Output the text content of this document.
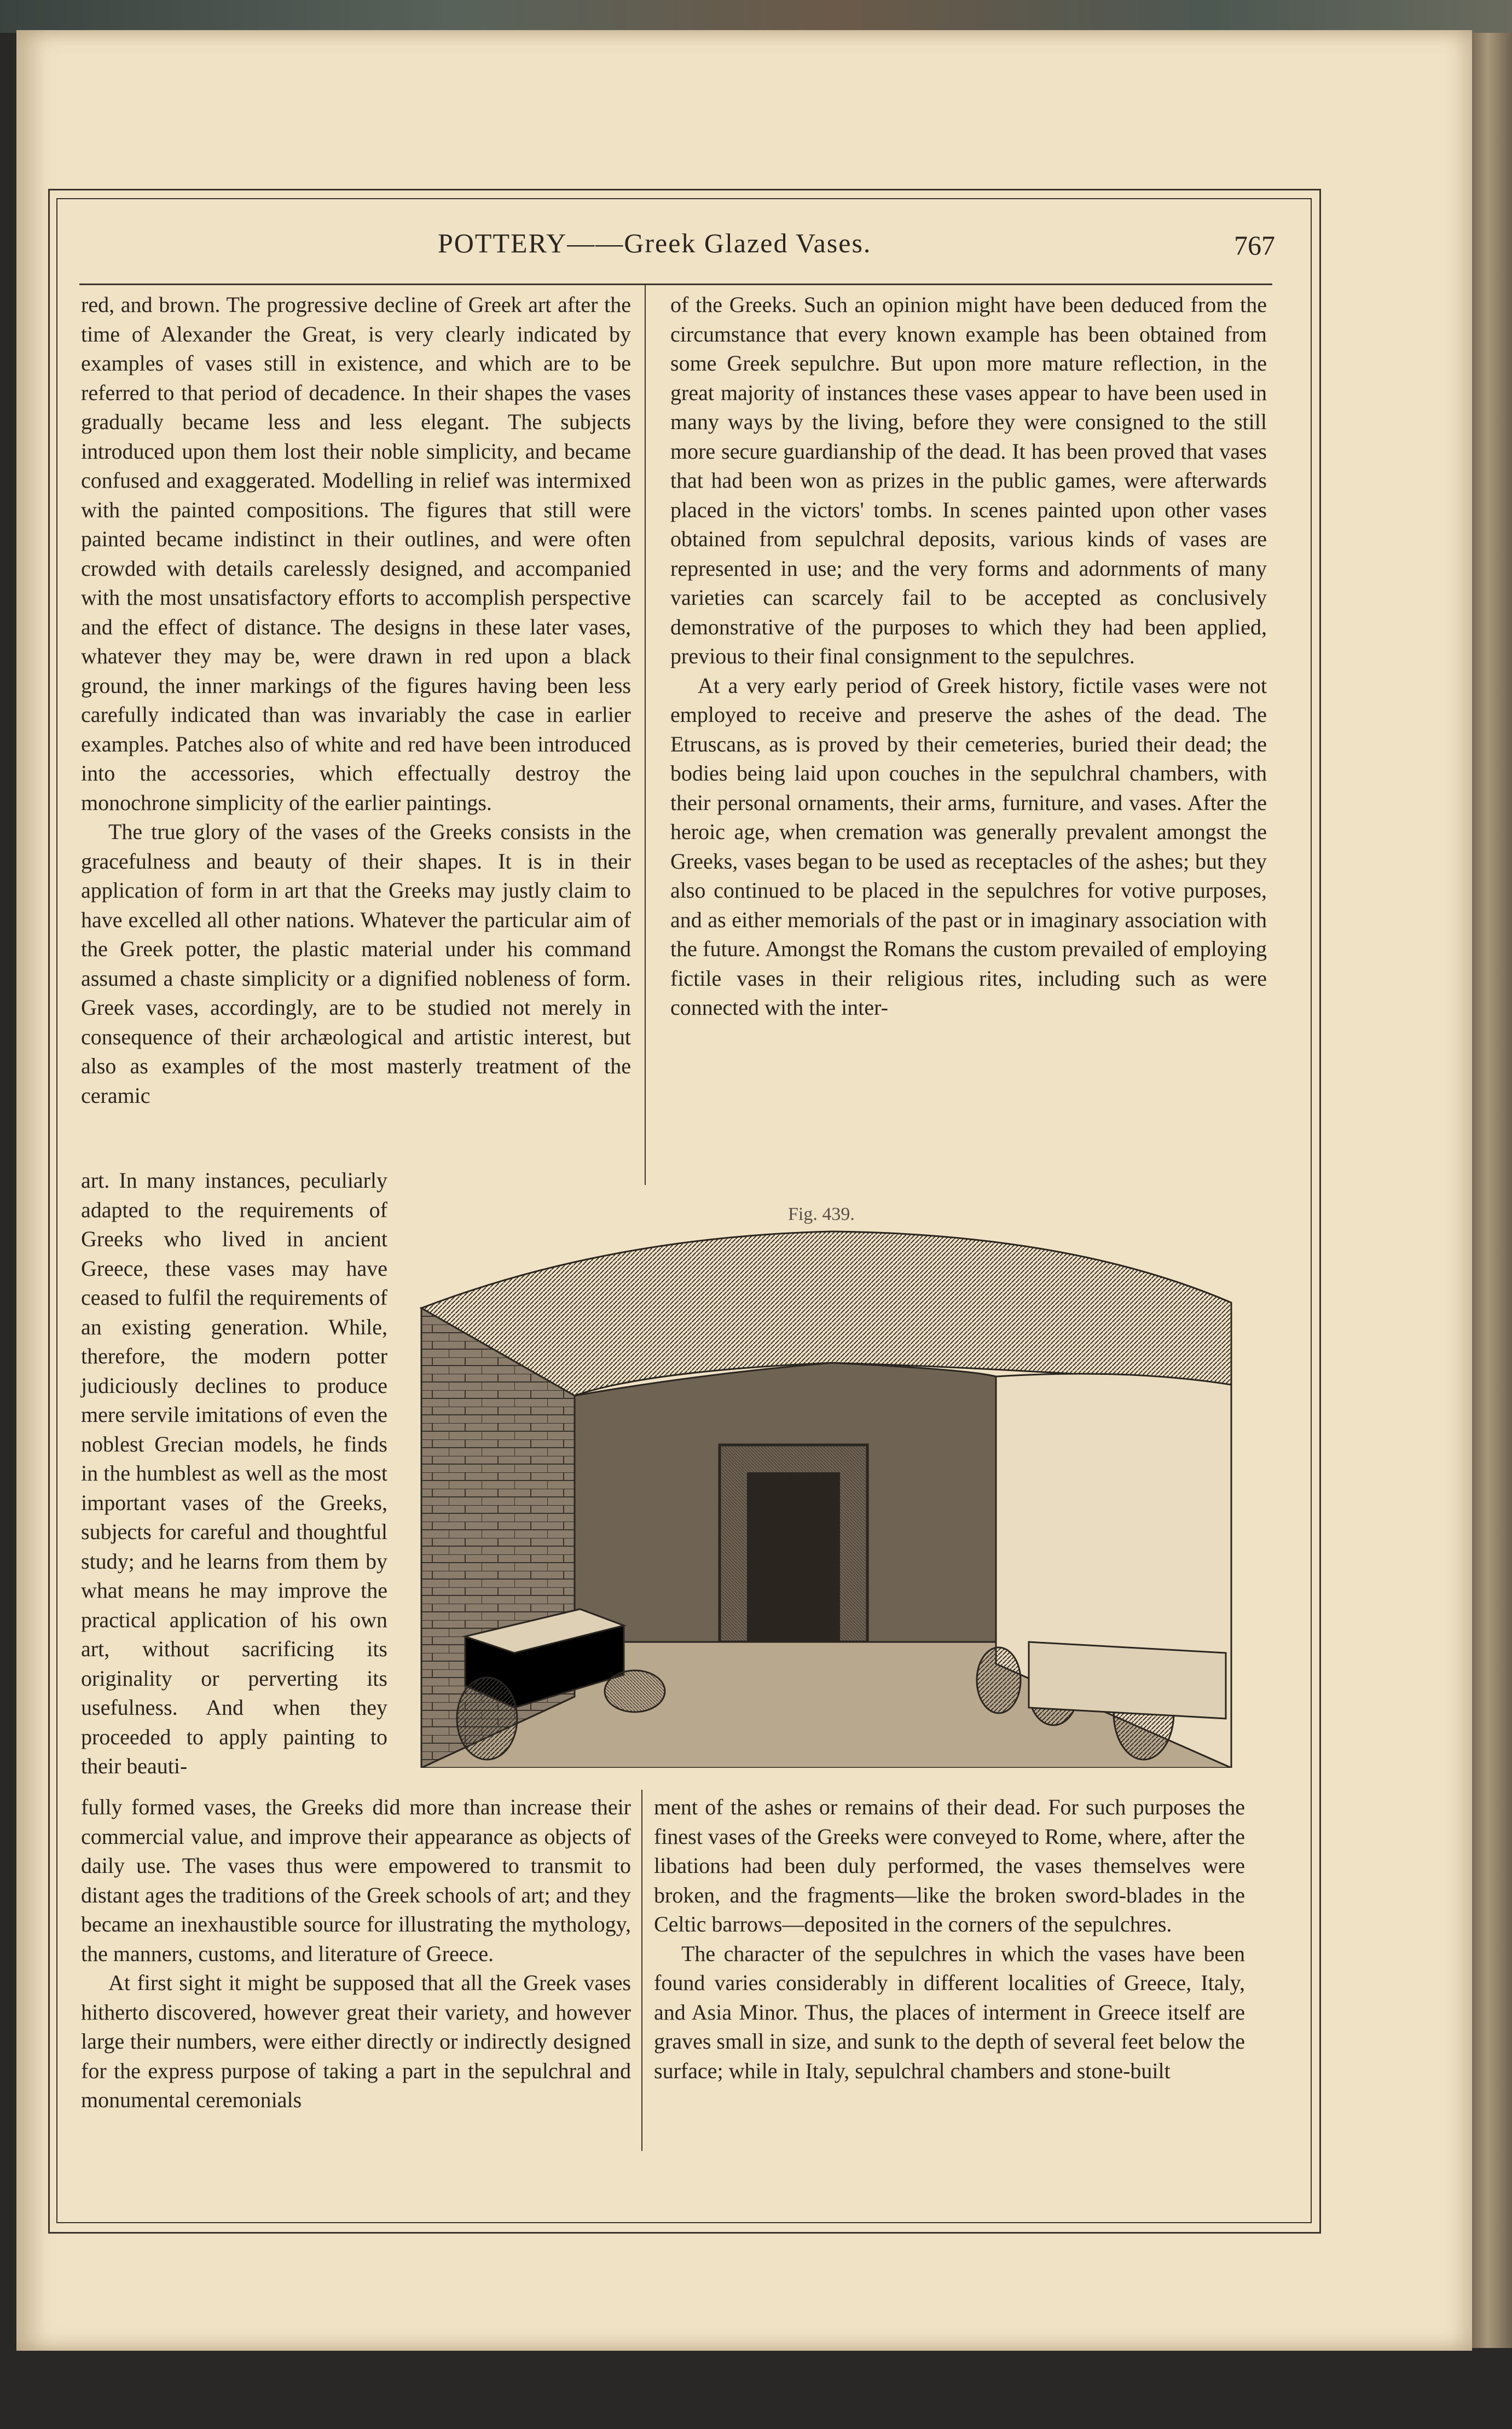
POTTERY——Greek Glazed Vases.	767

red, and brown. The progressive decline of Greek art after the time of Alexander the Great, is very clearly indicated by examples of vases still in existence, and which are to be referred to that period of decadence. In their shapes the vases gradually became less and less elegant. The subjects introduced upon them lost their noble simplicity, and became confused and exaggerated. Modelling in relief was intermixed with the painted compositions. The figures that still were painted became indistinct in their outlines, and were often crowded with details carelessly designed, and accompanied with the most unsatisfactory efforts to accomplish perspective and the effect of distance. The designs in these later vases, whatever they may be, were drawn in red upon a black ground, the inner markings of the figures having been less carefully indicated than was invariably the case in earlier examples. Patches also of white and red have been introduced into the accessories, which effectually destroy the monochrone simplicity of the earlier paintings.

The true glory of the vases of the Greeks consists in the gracefulness and beauty of their shapes. It is in their application of form in art that the Greeks may justly claim to have excelled all other nations. Whatever the particular aim of the Greek potter, the plastic material under his command assumed a chaste simplicity or a dignified nobleness of form. Greek vases, accordingly, are to be studied not merely in consequence of their archæological and artistic interest, but also as examples of the most masterly treatment of the ceramic

art. In many instances, peculiarly adapted to the requirements of Greeks who lived in ancient Greece, these vases may have ceased to fulfil the requirements of an existing generation. While, therefore, the modern potter judiciously declines to produce mere servile imitations of even the noblest Grecian models, he finds in the humblest as well as the most important vases of the Greeks, subjects for careful and thoughtful study; and he learns from them by what means he may improve the practical application of his own art, without sacrificing its originality or perverting its usefulness. And when they proceeded to apply painting to their beauti-

fully formed vases, the Greeks did more than increase their commercial value, and improve their appearance as objects of daily use. The vases thus were empowered to transmit to distant ages the traditions of the Greek schools of art; and they became an inexhaustible source for illustrating the mythology, the manners, customs, and literature of Greece.

At first sight it might be supposed that all the Greek vases hitherto discovered, however great their variety, and however large their numbers, were either directly or indirectly designed for the express purpose of taking a part in the sepulchral and monumental ceremonials

of the Greeks. Such an opinion might have been deduced from the circumstance that every known example has been obtained from some Greek sepulchre. But upon more mature reflection, in the great majority of instances these vases appear to have been used in many ways by the living, before they were consigned to the still more secure guardianship of the dead. It has been proved that vases that had been won as prizes in the public games, were afterwards placed in the victors' tombs. In scenes painted upon other vases obtained from sepulchral deposits, various kinds of vases are represented in use; and the very forms and adornments of many varieties can scarcely fail to be accepted as conclusively demonstrative of the purposes to which they had been applied, previous to their final consignment to the sepulchres.

At a very early period of Greek history, fictile vases were not employed to receive and preserve the ashes of the dead. The Etruscans, as is proved by their cemeteries, buried their dead; the bodies being laid upon couches in the sepulchral chambers, with their personal ornaments, their arms, furniture, and vases. After the heroic age, when cremation was generally prevalent amongst the Greeks, vases began to be used as receptacles of the ashes; but they also continued to be placed in the sepulchres for votive purposes, and as either memorials of the past or in imaginary association with the future. Amongst the Romans the custom prevailed of employing fictile vases in their religious rites, including such as were connected with the inter-

ment of the ashes or remains of their dead. For such purposes the finest vases of the Greeks were conveyed to Rome, where, after the libations had been duly performed, the vases themselves were broken, and the fragments—like the broken sword-blades in the Celtic barrows—deposited in the corners of the sepulchres.

The character of the sepulchres in which the vases have been found varies considerably in different localities of Greece, Italy, and Asia Minor. Thus, the places of interment in Greece itself are graves small in size, and sunk to the depth of several feet below the surface; while in Italy, sepulchral chambers and stone-built

Fig. 439.
